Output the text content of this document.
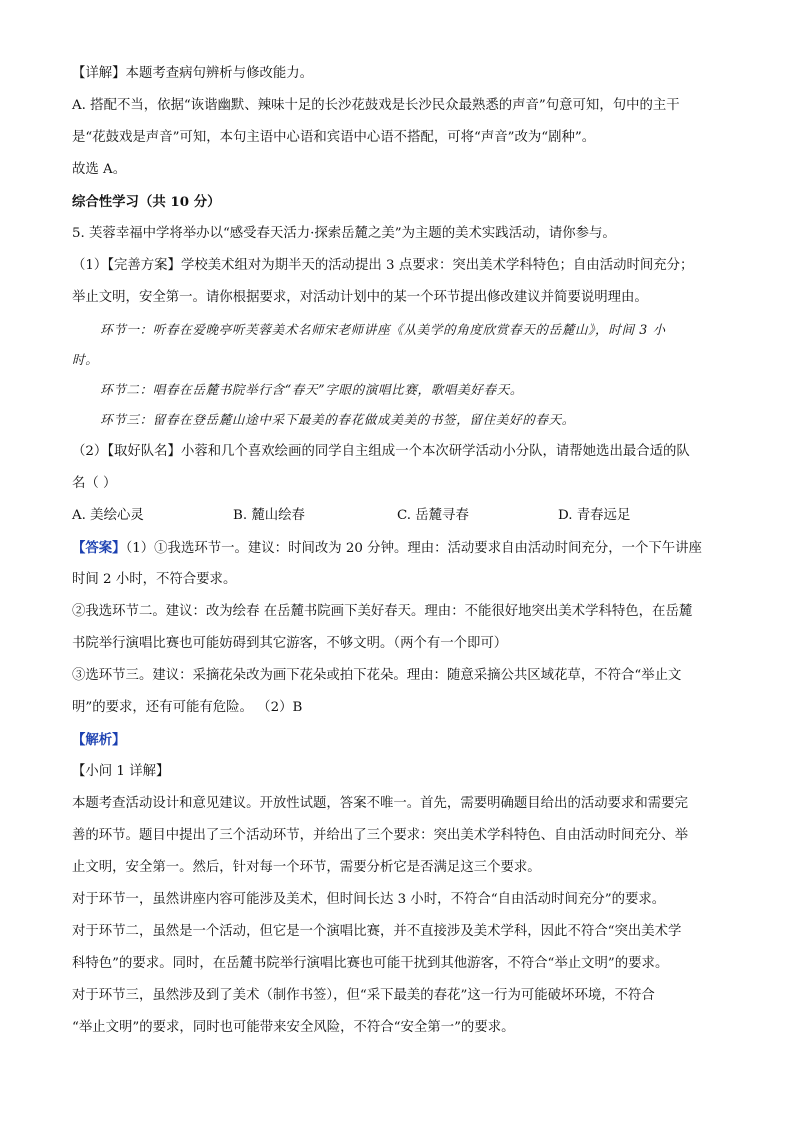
【详解】本题考查病句辨析与修改能力。
A. 搭配不当，依据“诙谐幽默、辣味十足的长沙花鼓戏是长沙民众最熟悉的声音”句意可知，句中的主干
是“花鼓戏是声音”可知，本句主语中心语和宾语中心语不搭配，可将“声音”改为“剧种”。
故选 A。
综合性学习（共 10 分）
5. 芙蓉幸福中学将举办以“感受春天活力·探索岳麓之美”为主题的美术实践活动，请你参与。
（1）【完善方案】学校美术组对为期半天的活动提出 3 点要求：突出美术学科特色；自由活动时间充分；
举止文明，安全第一。请你根据要求，对活动计划中的某一个环节提出修改建议并简要说明理由。
环节一：听春在爱晚亭听芙蓉美术名师宋老师讲座《从美学的角度欣赏春天的岳麓山》，时间 3 小
时。
环节二：唱春在岳麓书院举行含“春天”字眼的演唱比赛，歌唱美好春天。
环节三：留春在登岳麓山途中采下最美的春花做成美美的书签，留住美好的春天。
（2）【取好队名】小蓉和几个喜欢绘画的同学自主组成一个本次研学活动小分队，请帮她选出最合适的队
名（ ）
A. 美绘心灵	B. 麓山绘春	C. 岳麓寻春	D. 青春远足
【答案】（1）①我选环节一。建议：时间改为 20 分钟。理由：活动要求自由活动时间充分，一个下午讲座
时间 2 小时，不符合要求。
②我选环节二。建议：改为绘春 在岳麓书院画下美好春天。理由：不能很好地突出美术学科特色，在岳麓
书院举行演唱比赛也可能妨碍到其它游客，不够文明。（两个有一个即可）
③选环节三。建议：采摘花朵改为画下花朵或拍下花朵。理由：随意采摘公共区域花草，不符合“举止文
明”的要求，还有可能有危险。 （2）B
【解析】
【小问 1 详解】
本题考查活动设计和意见建议。开放性试题，答案不唯一。首先，需要明确题目给出的活动要求和需要完
善的环节。题目中提出了三个活动环节，并给出了三个要求：突出美术学科特色、自由活动时间充分、举
止文明，安全第一。然后，针对每一个环节，需要分析它是否满足这三个要求。
对于环节一，虽然讲座内容可能涉及美术，但时间长达 3 小时，不符合“自由活动时间充分”的要求。
对于环节二，虽然是一个活动，但它是一个演唱比赛，并不直接涉及美术学科，因此不符合“突出美术学
科特色”的要求。同时，在岳麓书院举行演唱比赛也可能干扰到其他游客，不符合“举止文明”的要求。
对于环节三，虽然涉及到了美术（制作书签），但“采下最美的春花”这一行为可能破坏环境，不符合
“举止文明”的要求，同时也可能带来安全风险，不符合“安全第一”的要求。
